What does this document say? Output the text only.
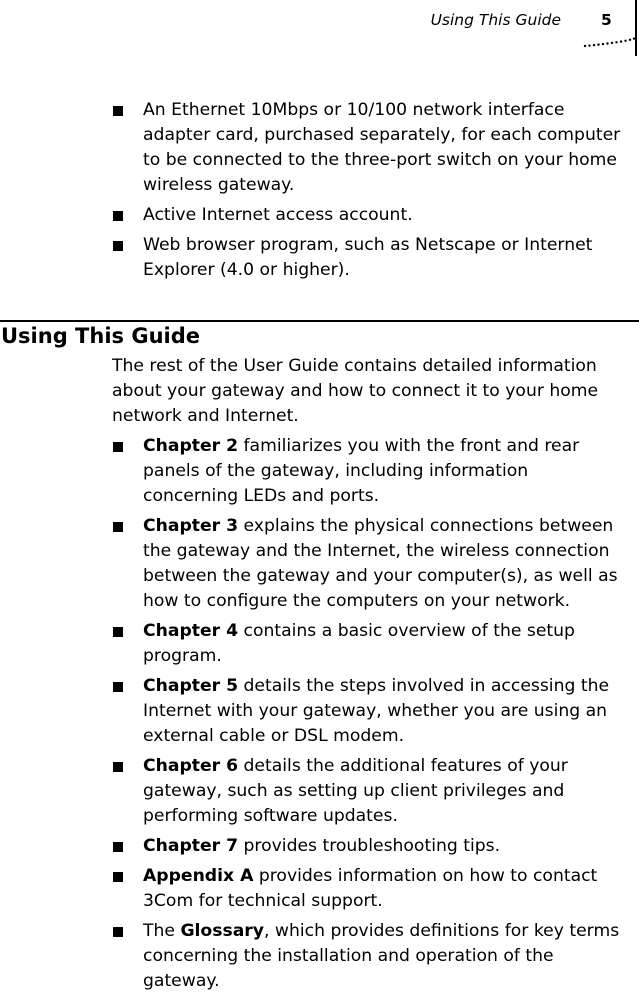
Using This Guide	5
An Ethernet 10Mbps or 10/100 network interface
adapter card, purchased separately, for each computer
to be connected to the three-port switch on your home
wireless gateway.
Active Internet access account.
Web browser program, such as Netscape or Internet
Explorer (4.0 or higher).
Using This Guide

The rest of the User Guide contains detailed information
about your gateway and how to connect it to your home
network and Internet.

Chapter 2 familiarizes you with the front and rear
panels of the gateway, including information
concerning LEDs and ports.
Chapter 3 explains the physical connections between
the gateway and the Internet, the wireless connection
between the gateway and your computer(s), as well as
how to configure the computers on your network.
Chapter 4 contains a basic overview of the setup
program.
Chapter 5 details the steps involved in accessing the
Internet with your gateway, whether you are using an
external cable or DSL modem.
Chapter 6 details the additional features of your
gateway, such as setting up client privileges and
performing software updates.
Chapter 7 provides troubleshooting tips.
Appendix A provides information on how to contact
3Com for technical support.
The Glossary, which provides definitions for key terms
concerning the installation and operation of the
gateway.
